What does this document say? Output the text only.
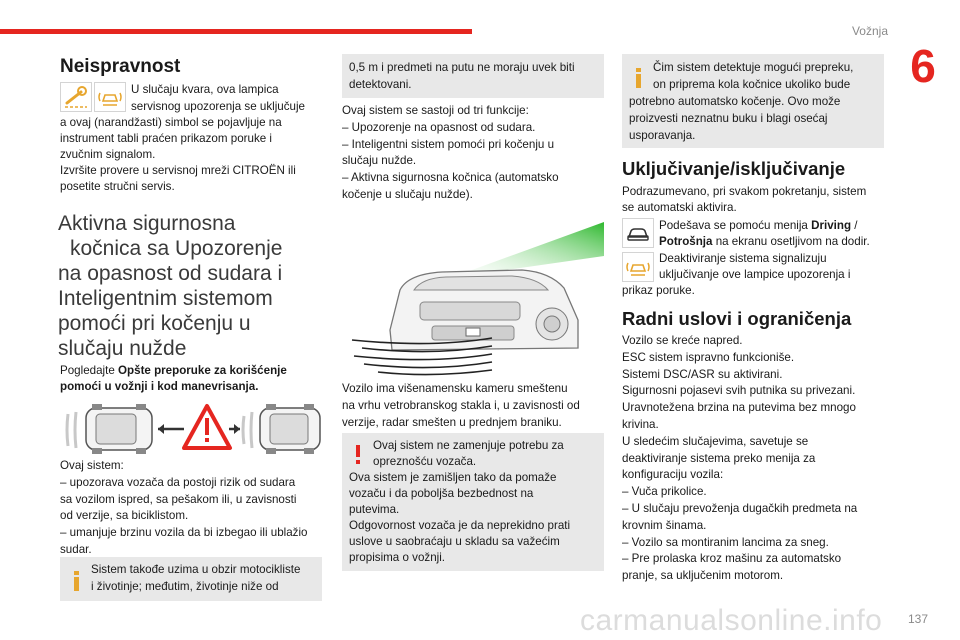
Vožnja
6

Neispravnost

U slučaju kvara, ova lampica

servisnog upozorenja se uključuje

a ovaj (narandžasti) simbol se pojavljuje na

instrument tabli praćen prikazom poruke i

zvučnim signalom.

Izvršite provere u servisnoj mreži CITROËN ili

posetite stručni servis.

Aktivna sigurnosna

kočnica sa Upozorenje

na opasnost od sudara i

Inteligentnim sistemom

pomoći pri kočenju u

slučaju nužde

Pogledajte Opšte preporuke za korišćenje

pomoći u vožnji i kod manevrisanja.

Ovaj sistem:

– upozorava vozača da postoji rizik od sudara

sa vozilom ispred, sa pešakom ili, u zavisnosti

od verzije, sa biciklistom.

– umanjuje brzinu vozila da bi izbegao ili ublažio

sudar.

Sistem takođe uzima u obzir motocikliste

i životinje; međutim, životinje niže od

0,5 m i predmeti na putu ne moraju uvek biti

detektovani.

Ovaj sistem se sastoji od tri funkcije:

– Upozorenje na opasnost od sudara.

– Inteligentni sistem pomoći pri kočenju u

slučaju nužde.

– Aktivna sigurnosna kočnica (automatsko

kočenje u slučaju nužde).

Vozilo ima višenamensku kameru smeštenu

na vrhu vetrobranskog stakla i, u zavisnosti od

verzije, radar smešten u prednjem braniku.

Ovaj sistem ne zamenjuje potrebu za

opreznošću vozača.

Ova sistem je zamišljen tako da pomaže

vozaču i da poboljša bezbednost na

putevima.

Odgovornost vozača je da neprekidno prati

uslove u saobraćaju u skladu sa važećim

propisima o vožnji.

Čim sistem detektuje mogući prepreku,

on priprema kola kočnice ukoliko bude

potrebno automatsko kočenje. Ovo može

proizvesti neznatnu buku i blagi osećaj

usporavanja.

Uključivanje/isključivanje

Podrazumevano, pri svakom pokretanju, sistem

se automatski aktivira.

Podešava se pomoću menija Driving /

Potrošnja na ekranu osetljivom na dodir.

Deaktiviranje sistema signalizuju

uključivanje ove lampice upozorenja i

prikaz poruke.

Radni uslovi i ograničenja

Vozilo se kreće napred.

ESC sistem ispravno funkcioniše.

Sistemi DSC/ASR su aktivirani.

Sigurnosni pojasevi svih putnika su privezani.

Uravnotežena brzina na putevima bez mnogo

krivina.

U sledećim slučajevima, savetuje se

deaktiviranje sistema preko menija za

konfiguraciju vozila:

– Vuča prikolice.

– U slučaju prevoženja dugačkih predmeta na

krovnim šinama.

– Vozilo sa montiranim lancima za sneg.

– Pre prolaska kroz mašinu za automatsko

pranje, sa uključenim motorom.

carmanualsonline.info 137
